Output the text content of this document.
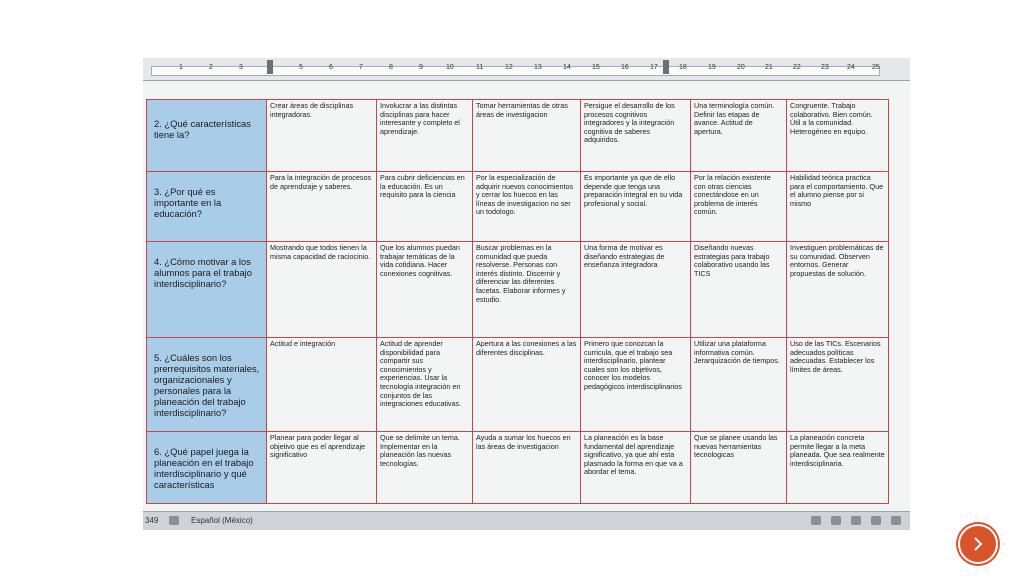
1	2	3	5	6	7	8	9	10	11	12	13	14	15	16	17	18	19	20	21	22	23	24 25
2. ¿Qué características tiene la?	Crear áreas de disciplinas integradoras.	Involucrar a las distintas disciplinas para hacer interesante y completo el aprendizaje.	Tomar herramientas de otras áreas de investigacion	Persigue el desarrollo de los procesos cognitivos integradores y la integración cognitiva de saberes adquiridos.	Una terminología común. Definir las etapas de avance. Actitud de apertura.	Congruente. Trabajo colaborativo. Bien común. Útil a la comunidad. Heterogéneo en equipo.
3. ¿Por qué es importante en la educación?	Para la integración de procesos de aprendizaje y saberes.	Para cubrir deficiencias en la educación. Es un requisito para la ciencia	Por la especialización de adquirir nuevos conocimientos y cerrar los huecos en las líneas de investigacion no ser un todologo.	Es importante ya que de ello depende que tenga una preparación integral en su vida profesional y social.	Por la relación existente con otras ciencias conectándose en un problema de interés común.	Habilidad teórica practica para el comportamiento. Que el alumno piense por si mismo
4. ¿Cómo motivar a los alumnos para el trabajo interdisciplinario?	Mostrando que todos tienen la misma capacidad de raciocinio.	Que los alumnos puedan trabajar temáticas de la vida cotidiana. Hacer conexiones cognitivas.	Buscar problemas en la comunidad que pueda resolverse. Personas con interés distinto. Discernir y diferenciar las diferentes facetas. Elaborar informes y estudio.	Una forma de motivar es diseñando estrategias de enseñanza integradora	Diseñando nuevas estrategias para trabajo colaborativo usando las TICS	Investiguen problemáticas de su comunidad. Observen entornos. Generar propuestas de solución.
5. ¿Cuáles son los prerrequisitos materiales, organizacionales y personales para la planeación del trabajo interdisciplinario?	Actitud e integración	Actitud de aprender disponibilidad para compartir sus conocimientos y experiencias. Usar la tecnología integración en conjuntos de las integraciones educativas.	Apertura a las conexiones a las diferentes disciplinas.	Primero que conozcan la curricula, que el trabajo sea interdisciplinario, plantear cuales son los objetivos, conocer los modelos pedagógicos interdisciplinarios	Utilizar una plataforma informativa común. Jerarquización de tiempos.	Uso de las TICs. Escenarios adecuados políticas adecuadas. Establecer los límites de áreas.
6. ¿Qué papel juega la planeación en el trabajo interdisciplinario y qué características	Planear para poder llegar al objetivo que es el aprendizaje significativo	Que se delimite un tema. Implementar en la planeación las nuevas tecnologías.	Ayuda a sumar los huecos en las áreas de investigacion	La planeación es la base fundamental del aprendizaje significativo, ya que ahí esta plasmado la forma en que va a abordar el tema.	Que se planee usando las nuevas herramientas tecnologicas	La planeación concreta permite llegar a la meta planeada. Que sea realmente interdisciplinaria.
349	Español (México)
